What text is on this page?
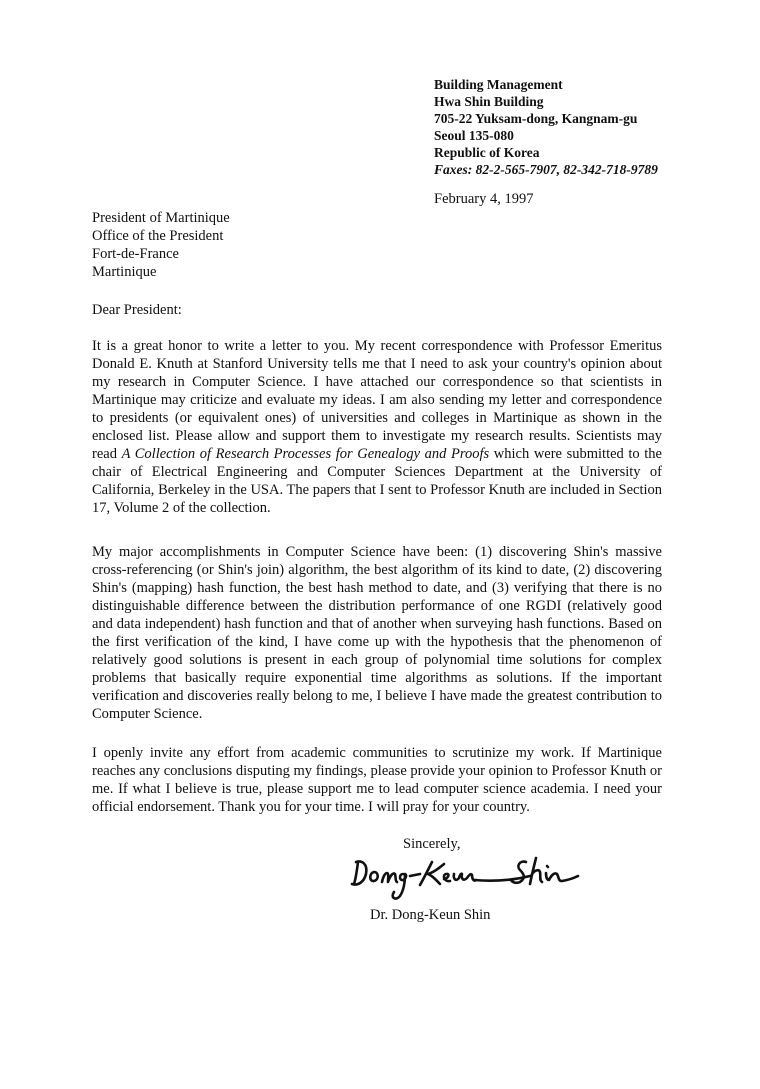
Building Management
Hwa Shin Building
705-22 Yuksam-dong, Kangnam-gu
Seoul 135-080
Republic of Korea
Faxes: 82-2-565-7907, 82-342-718-9789
February 4, 1997
President of Martinique
Office of the President
Fort-de-France
Martinique
Dear President:

It is a great honor to write a letter to you. My recent correspondence with Professor Emeritus Donald E. Knuth at Stanford University tells me that I need to ask your country's opinion about my research in Computer Science. I have attached our correspondence so that scientists in Martinique may criticize and evaluate my ideas. I am also sending my letter and correspondence to presidents (or equivalent ones) of universities and colleges in Martinique as shown in the enclosed list. Please allow and support them to investigate my research results. Scientists may read A Collection of Research Processes for Genealogy and Proofs which were submitted to the chair of Electrical Engineering and Computer Sciences Department at the University of California, Berkeley in the USA. The papers that I sent to Professor Knuth are included in Section 17, Volume 2 of the collection.

My major accomplishments in Computer Science have been: (1) discovering Shin's massive cross-referencing (or Shin's join) algorithm, the best algorithm of its kind to date, (2) discovering Shin's (mapping) hash function, the best hash method to date, and (3) verifying that there is no distinguishable difference between the distribution performance of one RGDI (relatively good and data independent) hash function and that of another when surveying hash functions. Based on the first verification of the kind, I have come up with the hypothesis that the phenomenon of relatively good solutions is present in each group of polynomial time solutions for complex problems that basically require exponential time algorithms as solutions. If the important verification and discoveries really belong to me, I believe I have made the greatest contribution to Computer Science.

I openly invite any effort from academic communities to scrutinize my work. If Martinique reaches any conclusions disputing my findings, please provide your opinion to Professor Knuth or me. If what I believe is true, please support me to lead computer science academia. I need your official endorsement. Thank you for your time. I will pray for your country.

Sincerely,
Dr. Dong-Keun Shin
